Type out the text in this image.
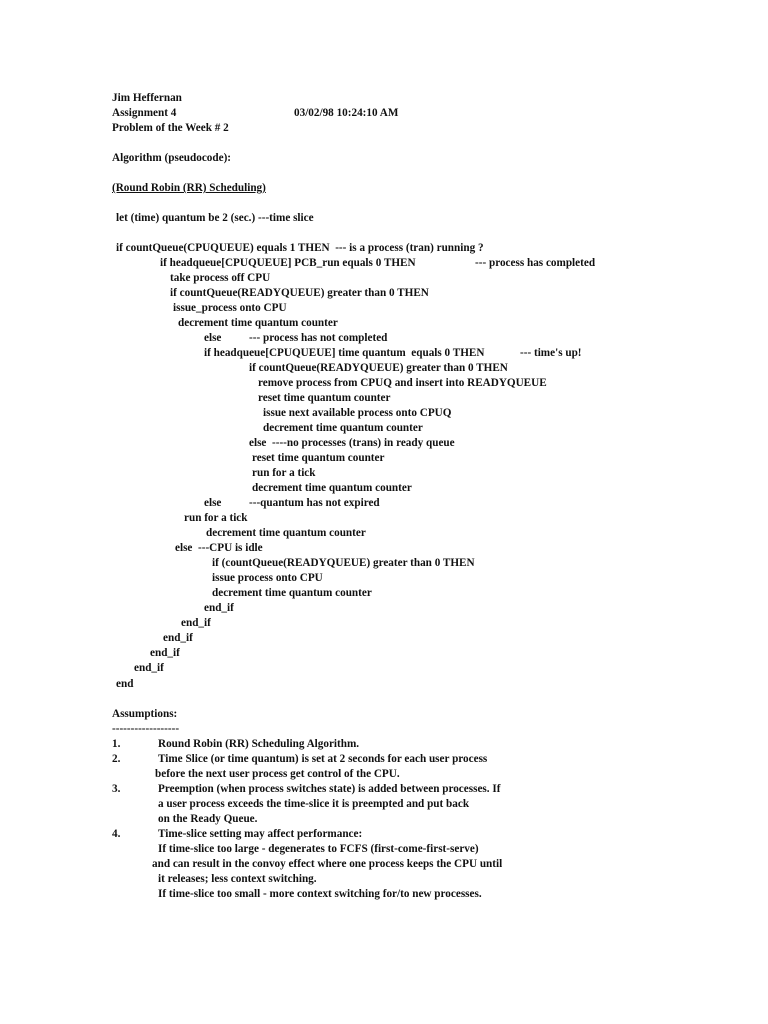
Jim Heffernan
Assignment 4	03/02/98 10:24:10 AM
Problem of the Week # 2
Algorithm (pseudocode):
(Round Robin (RR) Scheduling)
let (time) quantum be 2 (sec.) ---time slice
if countQueue(CPUQUEUE) equals 1 THEN  --- is a process (tran) running ?
if headqueue[CPUQUEUE] PCB_run equals 0 THEN	--- process has completed
take process off CPU
if countQueue(READYQUEUE) greater than 0 THEN
issue_process onto CPU
decrement time quantum counter
else --- process has not completed
if headqueue[CPUQUEUE] time quantum  equals 0 THEN	--- time's up!
if countQueue(READYQUEUE) greater than 0 THEN
remove process from CPUQ and insert into READYQUEUE
reset time quantum counter
issue next available process onto CPUQ
decrement time quantum counter
else  ----no processes (trans) in ready queue
reset time quantum counter
run for a tick
decrement time quantum counter
else ---quantum has not expired
run for a tick
decrement time quantum counter
else  ---CPU is idle
if (countQueue(READYQUEUE) greater than 0 THEN
issue process onto CPU
decrement time quantum counter
end_if
end_if
end_if
end_if
end_if
end
Assumptions:
------------------
1.	Round Robin (RR) Scheduling Algorithm.
2.	Time Slice (or time quantum) is set at 2 seconds for each user process
before the next user process get control of the CPU.
3.	Preemption (when process switches state) is added between processes. If
a user process exceeds the time-slice it is preempted and put back
on the Ready Queue.
4.	Time-slice setting may affect performance:
If time-slice too large - degenerates to FCFS (first-come-first-serve)
and can result in the convoy effect where one process keeps the CPU until
it releases; less context switching.
If time-slice too small - more context switching for/to new processes.
